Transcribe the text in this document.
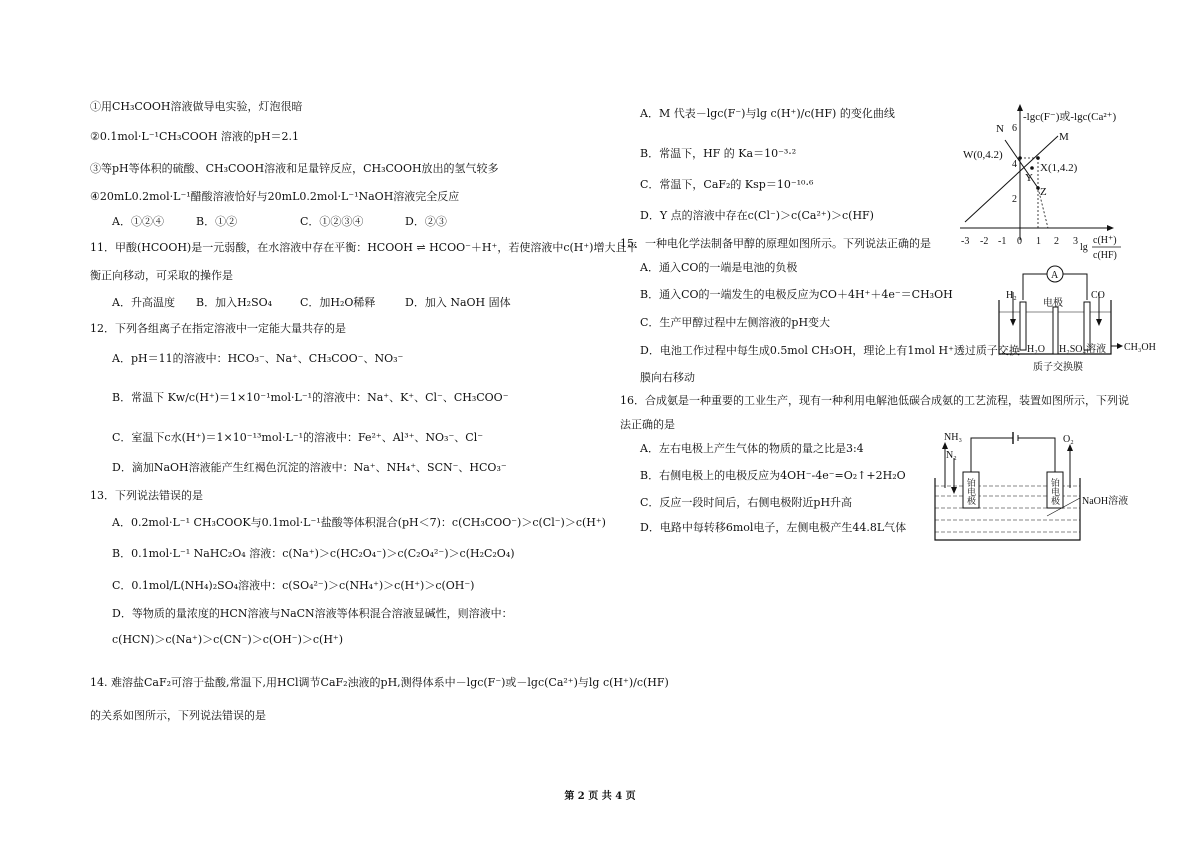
①用CH₃COOH溶液做导电实验，灯泡很暗
②0.1mol·L⁻¹CH₃COOH 溶液的pH＝2.1
③等pH等体积的硫酸、CH₃COOH溶液和足量锌反应，CH₃COOH放出的氢气较多
④20mL0.2mol·L⁻¹醋酸溶液恰好与20mL0.2mol·L⁻¹NaOH溶液完全反应
A．①②④	B．①②	C．①②③④	D．②③
11．甲酸(HCOOH)是一元弱酸，在水溶液中存在平衡：HCOOH ⇌ HCOO⁻＋H⁺，若使溶液中c(H⁺)增大且平
衡正向移动，可采取的操作是
A．升高温度 B．加入H₂SO₄	C．加H₂O稀释	D．加入 NaOH 固体
12．下列各组离子在指定溶液中一定能大量共存的是
A．pH＝11的溶液中：HCO₃⁻、Na⁺、CH₃COO⁻、NO₃⁻
B．常温下 Kw/c(H⁺)＝1×10⁻¹mol·L⁻¹的溶液中：Na⁺、K⁺、Cl⁻、CH₃COO⁻
C．室温下c水(H⁺)＝1×10⁻¹³mol·L⁻¹的溶液中：Fe²⁺、Al³⁺、NO₃⁻、Cl⁻
D．滴加NaOH溶液能产生红褐色沉淀的溶液中：Na⁺、NH₄⁺、SCN⁻、HCO₃⁻
13．下列说法错误的是
A．0.2mol·L⁻¹ CH₃COOK与0.1mol·L⁻¹盐酸等体积混合(pH＜7)：c(CH₃COO⁻)＞c(Cl⁻)＞c(H⁺)
B．0.1mol·L⁻¹ NaHC₂O₄ 溶液：c(Na⁺)＞c(HC₂O₄⁻)＞c(C₂O₄²⁻)＞c(H₂C₂O₄)
C．0.1mol/L(NH₄)₂SO₄溶液中：c(SO₄²⁻)＞c(NH₄⁺)＞c(H⁺)＞c(OH⁻)
D．等物质的量浓度的HCN溶液与NaCN溶液等体积混合溶液显碱性，则溶液中：
c(HCN)＞c(Na⁺)＞c(CN⁻)＞c(OH⁻)＞c(H⁺)
14. 难溶盐CaF₂可溶于盐酸,常温下,用HCl调节CaF₂浊液的pH,测得体系中－lgc(F⁻)或－lgc(Ca²⁺)与lg c(H⁺)/c(HF)
的关系如图所示，下列说法错误的是
A．M 代表－lgc(F⁻)与lg c(H⁺)/c(HF) 的变化曲线
B．常温下，HF 的 Ka＝10⁻³·²
C．常温下，CaF₂的 Ksp＝10⁻¹⁰·⁶
D．Y 点的溶液中存在c(Cl⁻)＞c(Ca²⁺)＞c(HF)
15．一种电化学法制备甲醇的原理如图所示。下列说法正确的是
A．通入CO的一端是电池的负极
B．通入CO的一端发生的电极反应为CO＋4H⁺＋4e⁻＝CH₃OH
C．生产甲醇过程中左侧溶液的pH变大
D．电池工作过程中每生成0.5mol CH₃OH，理论上有1mol H⁺透过质子交换
膜向右移动
16．合成氨是一种重要的工业生产，现有一种利用电解池低碳合成氨的工艺流程，装置如图所示，下列说
法正确的是
A．左右电极上产生气体的物质的量之比是3:4
B．右侧电极上的电极反应为4OH⁻-4e⁻=O₂↑+2H₂O
C．反应一段时间后，右侧电极附近pH升高
D．电路中每转移6mol电子，左侧电极产生44.8L气体
-3 -2 -1 0 1 2 3
2
4
6
-lgc(F⁻)或-lgc(Ca²⁺)
lg
c(H⁺)
c(HF)
N
M
W(0,4.2)
X(1,4.2)
Y
Z
A
H₂	CO
电极
H₂O H₂SO₄溶液 CH₃OH
质子交换膜
NH₃
N₂
O₂
NaOH溶液
铂电极	铂电极
第 2 页 共 4 页
